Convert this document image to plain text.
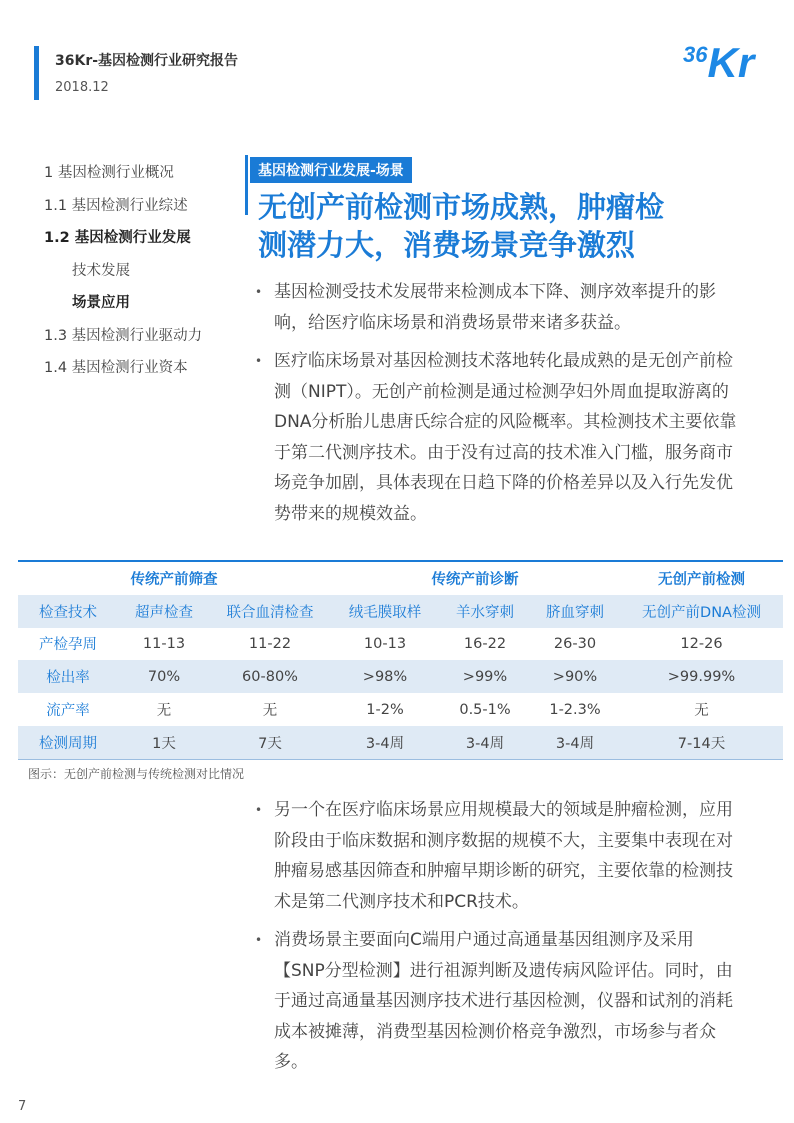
36Kr-基因检测行业研究报告
2018.12
36Kr
1 基因检测行业概况
1.1 基因检测行业综述
1.2 基因检测行业发展
技术发展
场景应用
1.3 基因检测行业驱动力
1.4 基因检测行业资本
基因检测行业发展-场景
无创产前检测市场成熟，肿瘤检
测潜力大，消费场景竞争激烈
• 基因检测受技术发展带来检测成本下降、测序效率提升的影响，给医疗临床场景和消费场景带来诸多获益。
• 医疗临床场景对基因检测技术落地转化最成熟的是无创产前检测（NIPT）。无创产前检测是通过检测孕妇外周血提取游离的DNA分析胎儿患唐氏综合症的风险概率。其检测技术主要依靠于第二代测序技术。由于没有过高的技术准入门槛，服务商市场竞争加剧，具体表现在日趋下降的价格差异以及入行先发优势带来的规模效益。
传统产前筛查			传统产前诊断			无创产前检测
检查技术	超声检查	联合血清检查	绒毛膜取样	羊水穿刺	脐血穿刺	无创产前DNA检测
产检孕周	11-13	11-22	10-13	16-22	26-30	12-26
检出率	70%	60-80%	>98%	>99%	>90%	>99.99%
流产率	无	无	1-2%	0.5-1%	1-2.3%	无
检测周期	1天	7天	3-4周	3-4周	3-4周	7-14天
图示：无创产前检测与传统检测对比情况
• 另一个在医疗临床场景应用规模最大的领域是肿瘤检测，应用阶段由于临床数据和测序数据的规模不大，主要集中表现在对肿瘤易感基因筛查和肿瘤早期诊断的研究，主要依靠的检测技术是第二代测序技术和PCR技术。
• 消费场景主要面向C端用户通过高通量基因组测序及采用【SNP分型检测】进行祖源判断及遗传病风险评估。同时，由于通过高通量基因测序技术进行基因检测，仪器和试剂的消耗成本被摊薄，消费型基因检测价格竞争激烈，市场参与者众多。
7
